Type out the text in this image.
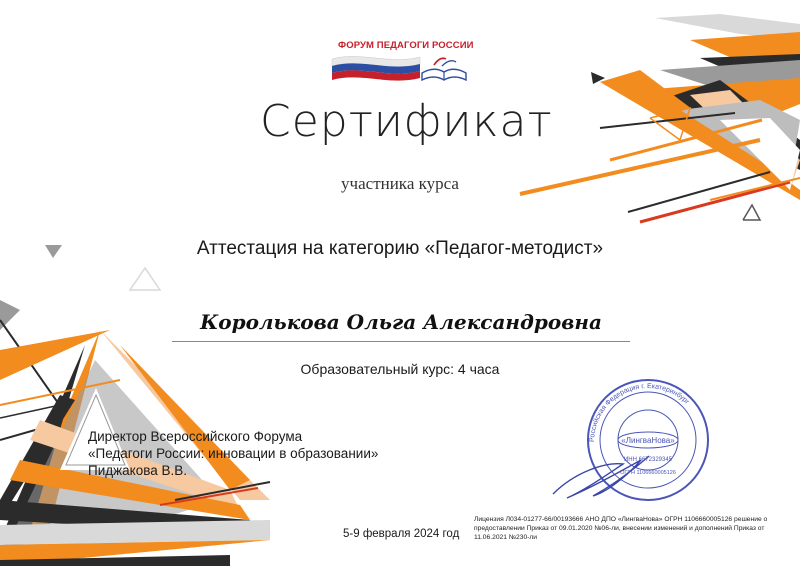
ФОРУМ ПЕДАГОГИ РОССИИ
Сертификат
участника курса
Аттестация на категорию «Педагог-методист»
Королькова Ольга Александровна
Образовательный курс: 4 часа
Директор Всероссийского Форума
«Педагоги России: инновации в образовании»
Пиджакова В.В.
5-9 февраля 2024 год
Лицензия Л034-01277-66/00193666 АНО ДПО «ЛингваНова» ОГРН 1106660005126 решение о предоставлении Приказ от 09.01.2020 №06-ли, внесении изменений и дополнений Приказ от 11.06.2021 №230-ли
Российская Федерация г. Екатеринбург
«ЛингваНова»
ИНН 6672329345
ОГРН 1106660005126
